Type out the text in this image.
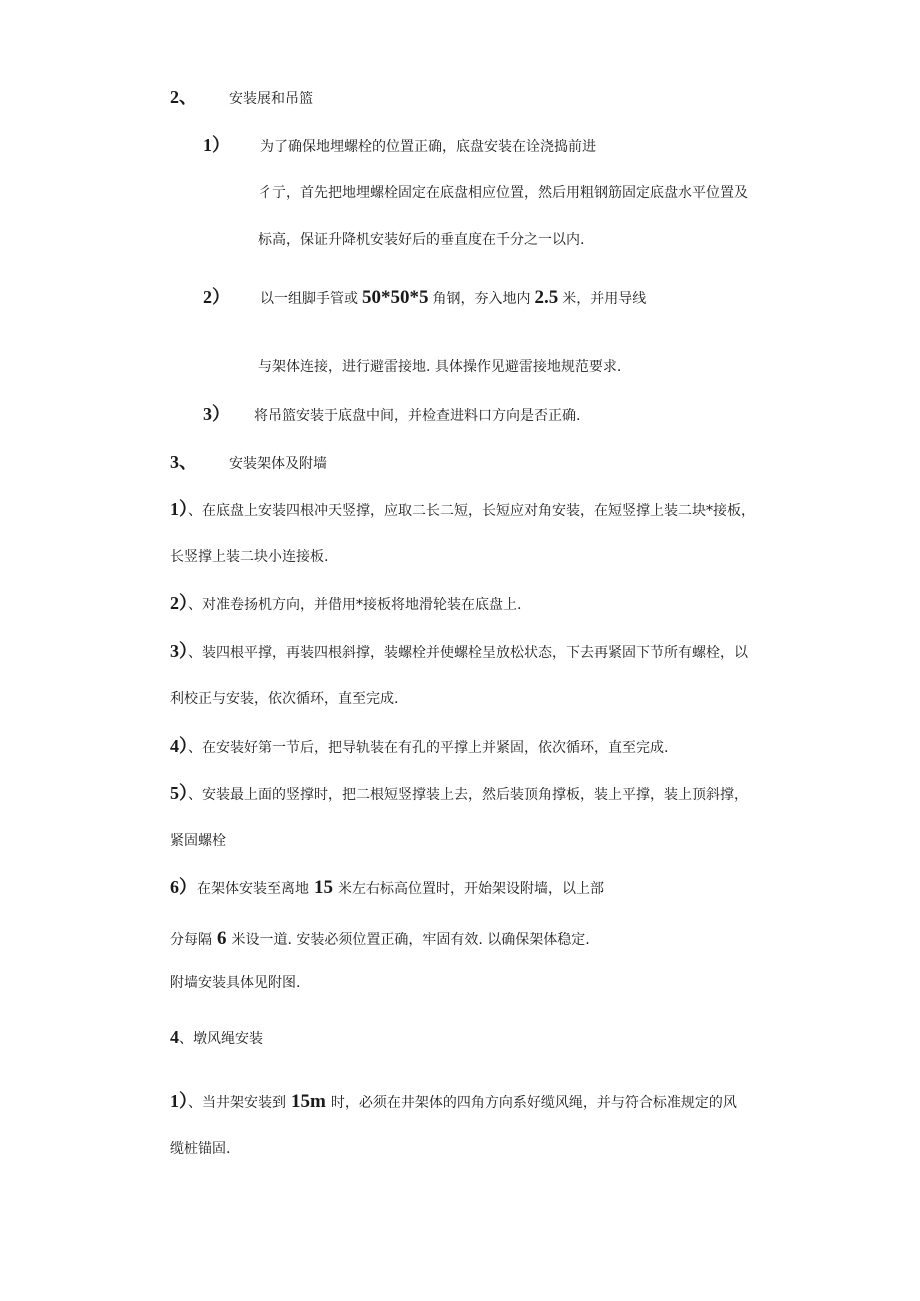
2、 安装展和吊篮
1） 为了确保地埋螺栓的位置正确，底盘安装在诠浇捣前进
彳亍，首先把地埋螺栓固定在底盘相应位置，然后用粗钢筋固定底盘水平位置及
标高，保证升降机安装好后的垂直度在千分之一以内.
2） 以一组脚手管或 50*50*5 角钢，夯入地内 2.5 米，并用导线
与架体连接，进行避雷接地. 具体操作见避雷接地规范要求.
3） 将吊篮安装于底盘中间，并检查进料口方向是否正确.
3、 安装架体及附墙
1）、在底盘上安装四根冲天竖撑，应取二长二短，长短应对角安装，在短竖撑上装二块*接板，
长竖撑上装二块小连接板.
2）、对准卷扬机方向，并借用*接板将地滑轮装在底盘上.
3）、装四根平撑，再装四根斜撑，装螺栓并使螺栓呈放松状态，下去再紧固下节所有螺栓，以
利校正与安装，依次循环，直至完成.
4）、在安装好第一节后，把导轨装在有孔的平撑上并紧固，依次循环，直至完成.
5）、安装最上面的竖撑时，把二根短竖撑装上去，然后装顶角撑板，装上平撑，装上顶斜撑，
紧固螺栓
6）在架体安装至离地 15 米左右标高位置时，开始架设附墙，以上部
分每隔 6 米设一道. 安装必须位置正确，牢固有效. 以确保架体稳定.
附墙安装具体见附图.
4、墩风绳安装
1）、当井架安装到 15m 时，必须在井架体的四角方向系好缆风绳，并与符合标准规定的风
缆桩锚固.
